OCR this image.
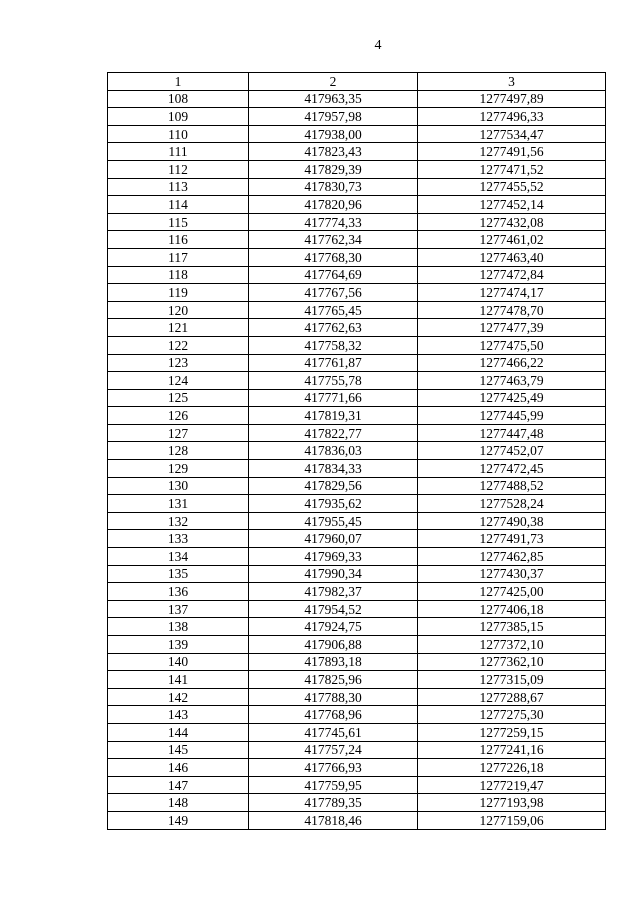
4
1	2	3
108	417963,35	1277497,89
109	417957,98	1277496,33
110	417938,00	1277534,47
111	417823,43	1277491,56
112	417829,39	1277471,52
113	417830,73	1277455,52
114	417820,96	1277452,14
115	417774,33	1277432,08
116	417762,34	1277461,02
117	417768,30	1277463,40
118	417764,69	1277472,84
119	417767,56	1277474,17
120	417765,45	1277478,70
121	417762,63	1277477,39
122	417758,32	1277475,50
123	417761,87	1277466,22
124	417755,78	1277463,79
125	417771,66	1277425,49
126	417819,31	1277445,99
127	417822,77	1277447,48
128	417836,03	1277452,07
129	417834,33	1277472,45
130	417829,56	1277488,52
131	417935,62	1277528,24
132	417955,45	1277490,38
133	417960,07	1277491,73
134	417969,33	1277462,85
135	417990,34	1277430,37
136	417982,37	1277425,00
137	417954,52	1277406,18
138	417924,75	1277385,15
139	417906,88	1277372,10
140	417893,18	1277362,10
141	417825,96	1277315,09
142	417788,30	1277288,67
143	417768,96	1277275,30
144	417745,61	1277259,15
145	417757,24	1277241,16
146	417766,93	1277226,18
147	417759,95	1277219,47
148	417789,35	1277193,98
149	417818,46	1277159,06
